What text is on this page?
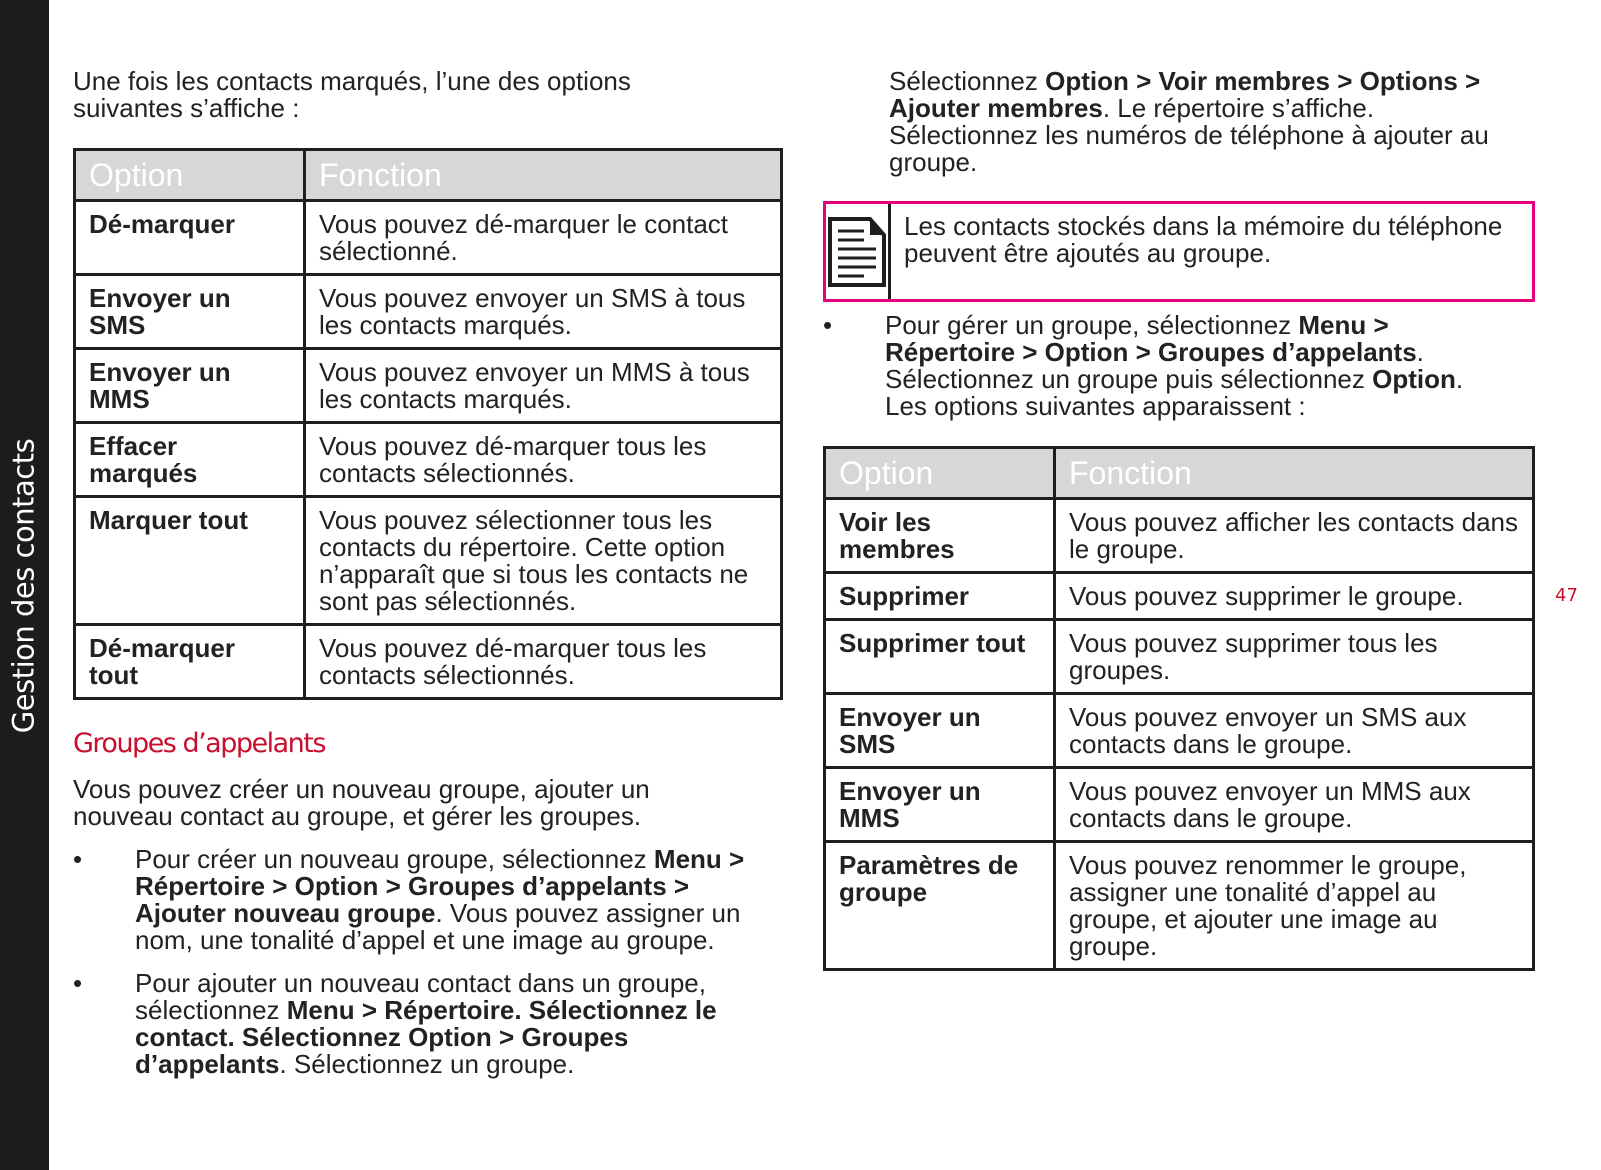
Gestion des contacts	47

Une fois les contacts marqués, l’une des options suivantes s’affiche :

Option	Fonction
Dé-marquer	Vous pouvez dé-marquer le contact sélectionné.
Envoyer un SMS	Vous pouvez envoyer un SMS à tous les contacts marqués.
Envoyer un MMS	Vous pouvez envoyer un MMS à tous les contacts marqués.
Effacer marqués	Vous pouvez dé-marquer tous les contacts sélectionnés.
Marquer tout	Vous pouvez sélectionner tous les contacts du répertoire. Cette option n’apparaît que si tous les contacts ne sont pas sélectionnés.
Dé-marquer tout	Vous pouvez dé-marquer tous les contacts sélectionnés.
Groupes d’appelants

Vous pouvez créer un nouveau groupe, ajouter un nouveau contact au groupe, et gérer les groupes.

•	Pour créer un nouveau groupe, sélectionnez Menu > Répertoire > Option > Groupes d’appelants > Ajouter nouveau groupe. Vous pouvez assigner un nom, une tonalité d’appel et une image au groupe.
•	Pour ajouter un nouveau contact dans un groupe, sélectionnez Menu > Répertoire. Sélectionnez le contact. Sélectionnez Option > Groupes d’appelants. Sélectionnez un groupe.

Sélectionnez Option > Voir membres > Options > Ajouter membres. Le répertoire s’affiche. Sélectionnez les numéros de téléphone à ajouter au groupe.

Les contacts stockés dans la mémoire du téléphone peuvent être ajoutés au groupe.
•	Pour gérer un groupe, sélectionnez Menu > Répertoire > Option > Groupes d’appelants. Sélectionnez un groupe puis sélectionnez Option. Les options suivantes apparaissent :
Option	Fonction
Voir les membres	Vous pouvez afficher les contacts dans le groupe.
Supprimer	Vous pouvez supprimer le groupe.
Supprimer tout	Vous pouvez supprimer tous les groupes.
Envoyer un SMS	Vous pouvez envoyer un SMS aux contacts dans le groupe.
Envoyer un MMS	Vous pouvez envoyer un MMS aux contacts dans le groupe.
Paramètres de groupe	Vous pouvez renommer le groupe, assigner une tonalité d’appel au groupe, et ajouter une image au groupe.
